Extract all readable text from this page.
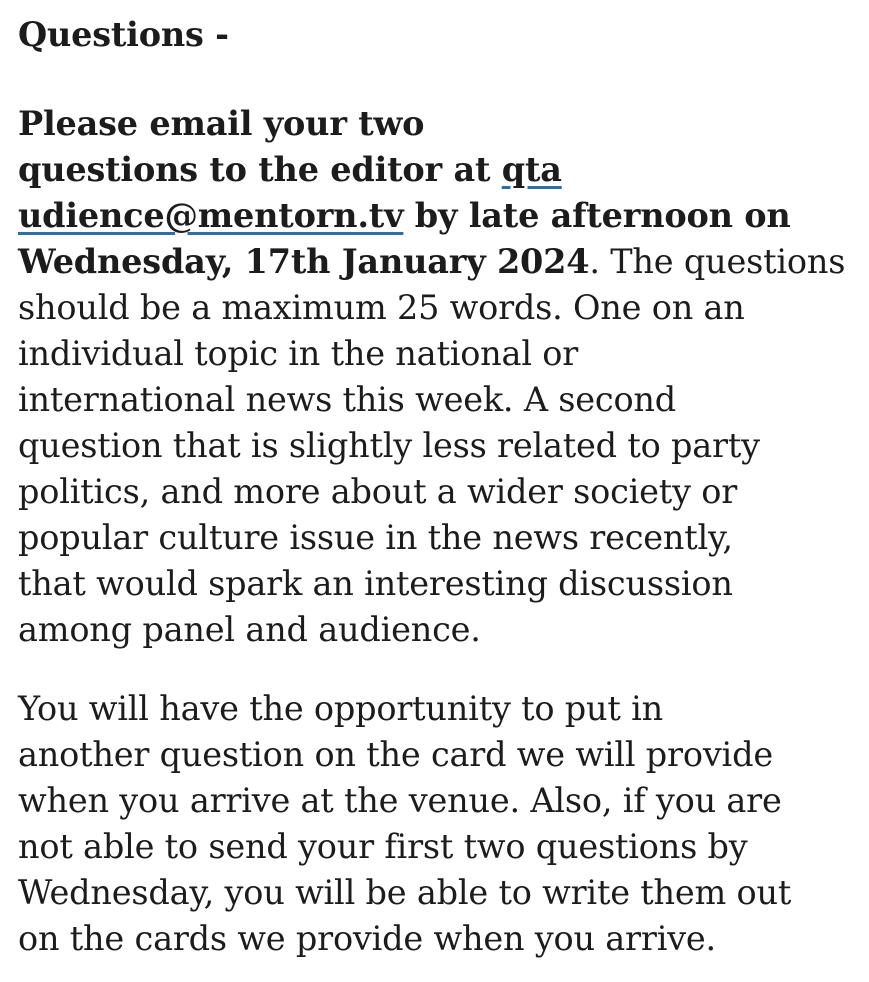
Questions -

Please email your two
questions to the editor at qta
udience@mentorn.tv by late afternoon on
Wednesday, 17th January 2024. The questions
should be a maximum 25 words. One on an
individual topic in the national or
international news this week. A second
question that is slightly less related to party
politics, and more about a wider society or
popular culture issue in the news recently,
that would spark an interesting discussion
among panel and audience.

You will have the opportunity to put in
another question on the card we will provide
when you arrive at the venue. Also, if you are
not able to send your first two questions by
Wednesday, you will be able to write them out
on the cards we provide when you arrive.
